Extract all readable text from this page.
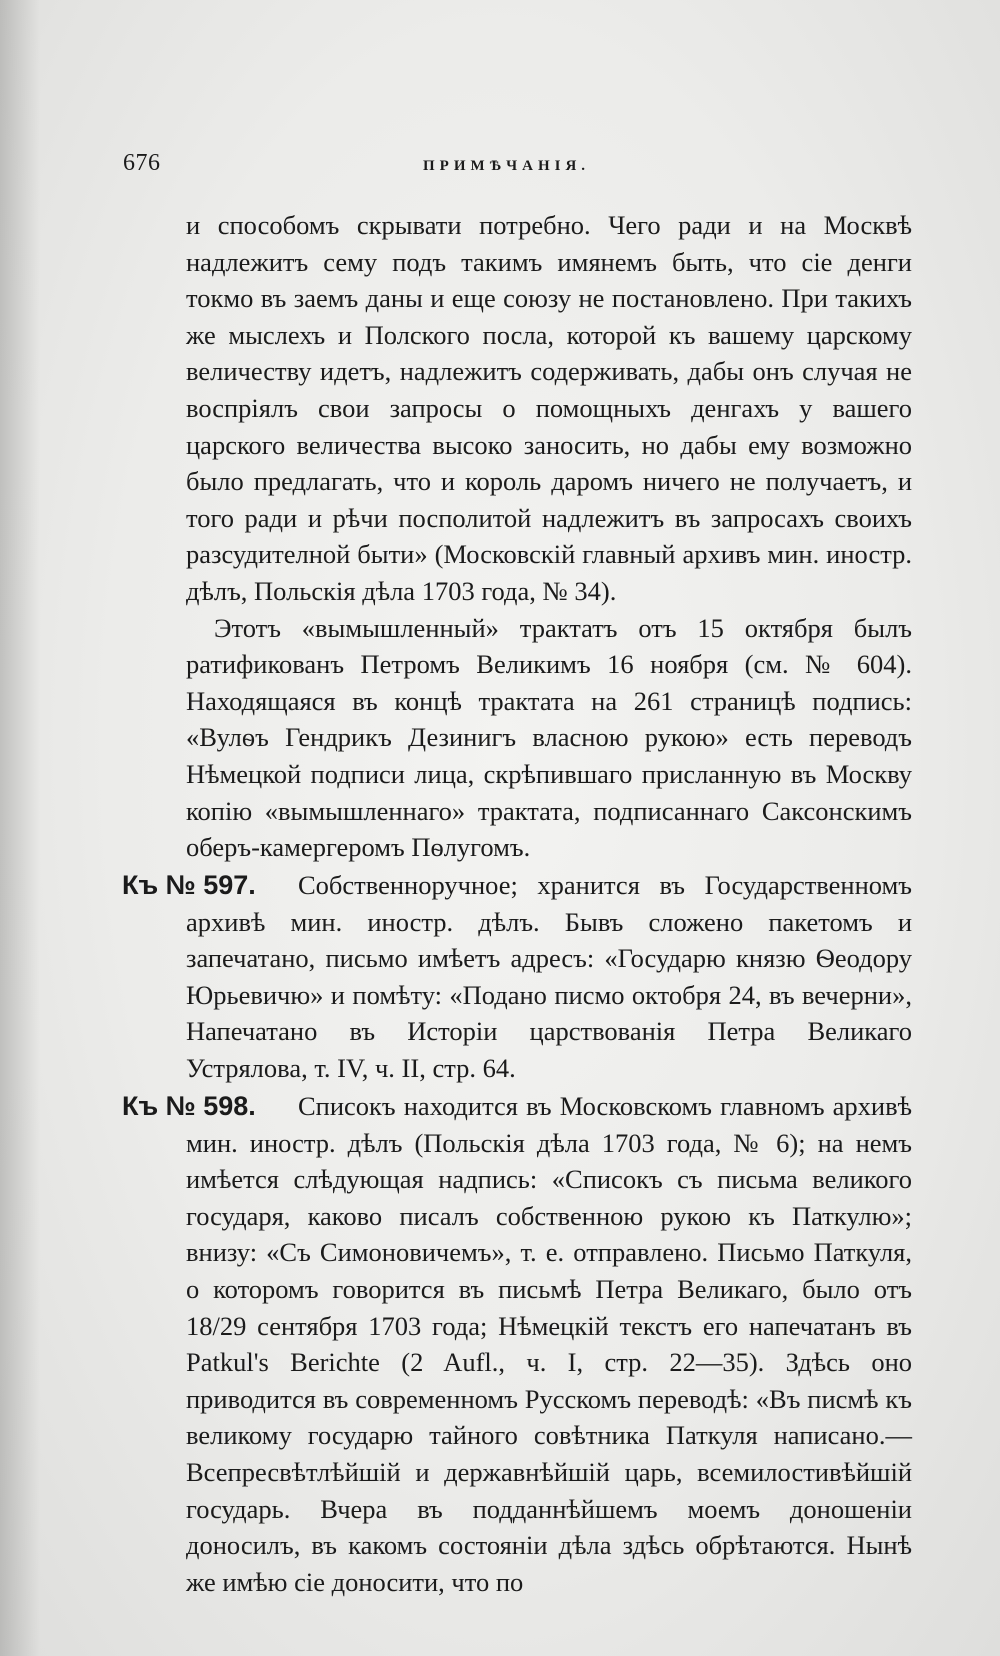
676	ПРИМѢЧАНІЯ.

и способомъ скрывати потребно. Чего ради и на Москвѣ надлежитъ сему подъ такимъ имянемъ быть, что сіе денги токмо въ заемъ даны и еще союзу не постановлено. При такихъ же мыслехъ и Полского посла, которой къ вашему царскому величеству идетъ, надлежитъ содерживать, дабы онъ случая не воспріялъ свои запросы о помощныхъ денгахъ у вашего царского величества высоко заносить, но дабы ему возможно было предлагать, что и король даромъ ничего не получаетъ, и того ради и рѣчи посполитой надлежитъ въ запросахъ своихъ разсудителной быти» (Московскій главный архивъ мин. иностр. дѣлъ, Польскія дѣла 1703 года, № 34).

Этотъ «вымышленный» трактатъ отъ 15 октября былъ ратификованъ Петромъ Великимъ 16 ноября (см. № 604). Находящаяся въ концѣ трактата на 261 страницѣ подпись: «Вулѳъ Гендрикъ Дезинигъ власною рукою» есть переводъ Нѣмецкой подписи лица, скрѣпившаго присланную въ Москву копію «вымышленнаго» трактата, подписаннаго Саксонскимъ оберъ-камергеромъ Пѳлугомъ.

Къ № 597.	Собственноручное; хранится въ Государственномъ архивѣ мин. иностр. дѣлъ. Бывъ сложено пакетомъ и запечатано, письмо имѣетъ адресъ: «Государю князю Ѳеодору Юрьевичю» и помѣту: «Подано писмо октобря 24, въ вечерни», Напечатано въ Исторіи царствованія Петра Великаго Устрялова, т. IV, ч. II, стр. 64.

Къ № 598.	Списокъ находится въ Московскомъ главномъ архивѣ мин. иностр. дѣлъ (Польскія дѣла 1703 года, № 6); на немъ имѣется слѣдующая надпись: «Списокъ съ письма великого государя, каково писалъ собственною рукою къ Паткулю»; внизу: «Съ Симоновичемъ», т. е. отправлено. Письмо Паткуля, о которомъ говорится въ письмѣ Петра Великаго, было отъ 18/29 сентября 1703 года; Нѣмецкій текстъ его напечатанъ въ Patkul's Berichte (2 Aufl., ч. I, стр. 22—35). Здѣсь оно приводится въ современномъ Русскомъ переводѣ: «Въ писмѣ къ великому государю тайного совѣтника Паткуля написано.—Всепресвѣтлѣйшій и державнѣйшій царь, всемилостивѣйшій государь. Вчера въ подданнѣйшемъ моемъ доношеніи доносилъ, въ какомъ состояніи дѣла здѣсь обрѣтаются. Нынѣ же имѣю сіе доносити, что по
